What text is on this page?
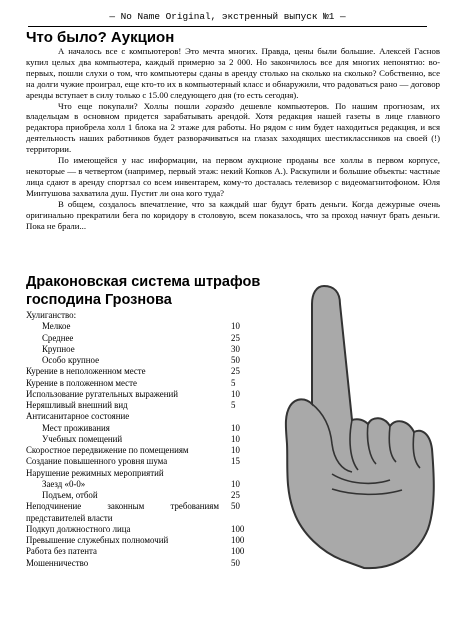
— No Name Original, экстренный выпуск №1 —
Что было? Аукцион

А началось все с компьютеров! Это мечта многих. Правда, цены были большие. Алексей Гаснов купил целых два компьютера, каждый примерно за 2 000. Но закончилось все для многих непонятно: во-первых, пошли слухи о том, что компьютеры сданы в аренду столько на сколько на сколько? Собственно, все на долги чужие проиграл, еще кто-то их в компьютерный класс и обнаружили, что радоваться рано — договор аренды вступает в силу только с 15.00 следующего дня (то есть сегодня).

Что еще покупали? Холлы пошли гораздо дешевле компьютеров. По нашим прогнозам, их владельцам в основном придется зарабатывать арендой. Хотя редакция нашей газеты в лице главного редактора приобрела холл 1 блока на 2 этаже для работы. Но рядом с ним будет находиться редакция, и вся деятельность наших работников будет разворачиваться на глазах заходящих шестиклассников на своей (!) территории.

По имеющейся у нас информации, на первом аукционе проданы все холлы в первом корпусе, некоторые — в четвертом (например, первый этаж: некий Копков А.). Раскупили и большие объекты: частные лица сдают в аренду спортзал со всем инвентарем, кому-то досталась телевизор с видеомагнитофоном. Юля Минтушова захватила душ. Пустит ли она кого туда?

В общем, создалось впечатление, что за каждый шаг будут брать деньги. Когда дежурные очень оригинально прекратили бега по коридору в столовую, всем показалось, что за проход начнут брать деньги. Пока не брали...

Драконовская система штрафов господина Грознова
Хулиганство:
Мелкое	10
Среднее	25
Крупное	30
Особо крупное	50
Курение в неположенном месте	25
Курение в положенном месте	5
Использование ругательных выражений	10
Неряшливый внешний вид	5
Антисанитарное состояние
Мест проживания	10
Учебных помещений	10
Скоростное передвижение по помещениям	10
Создание повышенного уровня шума	15
Нарушение режимных мероприятий
Заезд «0-0»	10
Подъем, отбой	25
Неподчинение законным требованиям представителей власти
50
Подкуп должностного лица	100
Превышение служебных полномочий	100
Работа без патента	100
Мошенничество	50
